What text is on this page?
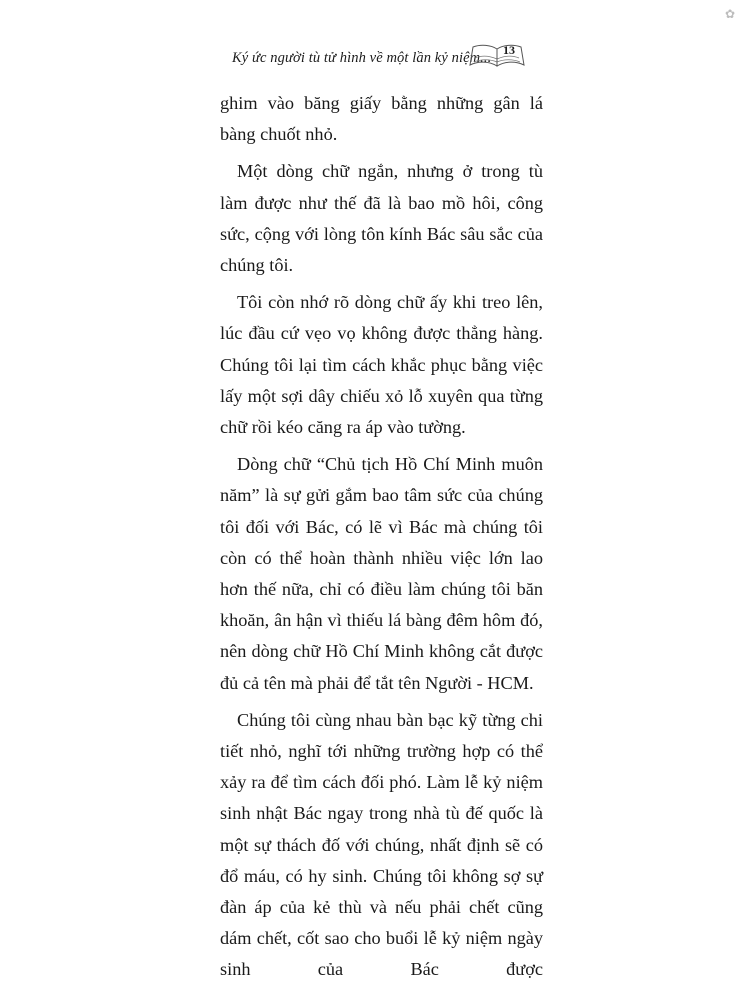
✿
Ký ức người tù tử hình về một lần kỷ niệm... 13

ghim vào băng giấy bằng những gân lá bàng chuốt nhỏ.

Một dòng chữ ngắn, nhưng ở trong tù làm được như thế đã là bao mồ hôi, công sức, cộng với lòng tôn kính Bác sâu sắc của chúng tôi.

Tôi còn nhớ rõ dòng chữ ấy khi treo lên, lúc đầu cứ vẹo vọ không được thẳng hàng. Chúng tôi lại tìm cách khắc phục bằng việc lấy một sợi dây chiếu xỏ lỗ xuyên qua từng chữ rồi kéo căng ra áp vào tường.

Dòng chữ “Chủ tịch Hồ Chí Minh muôn năm” là sự gửi gắm bao tâm sức của chúng tôi đối với Bác, có lẽ vì Bác mà chúng tôi còn có thể hoàn thành nhiều việc lớn lao hơn thế nữa, chỉ có điều làm chúng tôi băn khoăn, ân hận vì thiếu lá bàng đêm hôm đó, nên dòng chữ Hồ Chí Minh không cắt được đủ cả tên mà phải để tắt tên Người - HCM.

Chúng tôi cùng nhau bàn bạc kỹ từng chi tiết nhỏ, nghĩ tới những trường hợp có thể xảy ra để tìm cách đối phó. Làm lễ kỷ niệm sinh nhật Bác ngay trong nhà tù đế quốc là một sự thách đố với chúng, nhất định sẽ có đổ máu, có hy sinh. Chúng tôi không sợ sự đàn áp của kẻ thù và nếu phải chết cũng dám chết, cốt sao cho buổi lễ kỷ niệm ngày sinh của Bác được
